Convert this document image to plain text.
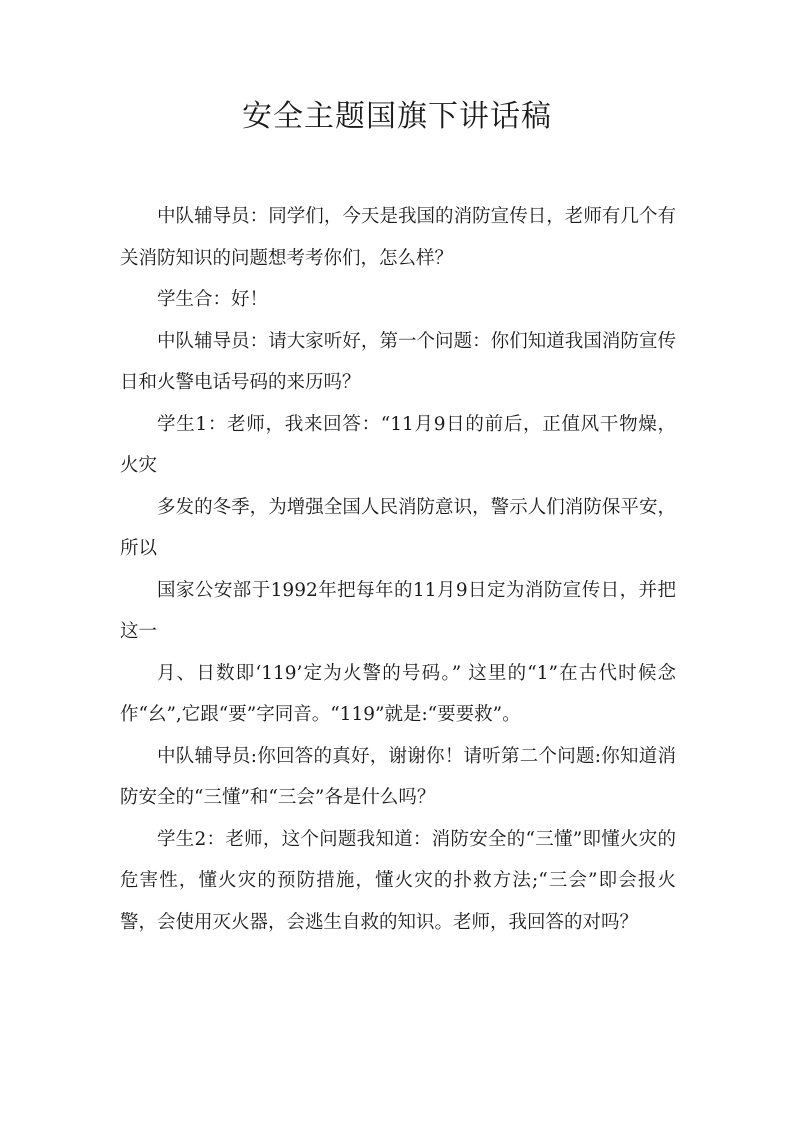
安全主题国旗下讲话稿

中队辅导员：同学们，今天是我国的消防宣传日，老师有几个有关消防知识的问题想考考你们，怎么样？

学生合：好！

中队辅导员：请大家听好，第一个问题：你们知道我国消防宣传日和火警电话号码的来历吗？

学生1：老师，我来回答：“11月9日的前后，正值风干物燥，火灾

多发的冬季，为增强全国人民消防意识，警示人们消防保平安，所以

国家公安部于1992年把每年的11月9日定为消防宣传日，并把这一

月、日数即‘119’定为火警的号码。” 这里的“1”在古代时候念作“幺”,它跟“要”字同音。“119”就是:“要要救”。

中队辅导员:你回答的真好，谢谢你！请听第二个问题:你知道消防安全的“三懂”和“三会”各是什么吗？

学生2：老师，这个问题我知道：消防安全的“三懂”即懂火灾的危害性，懂火灾的预防措施，懂火灾的扑救方法;“三会”即会报火警，会使用灭火器，会逃生自救的知识。老师，我回答的对吗？
